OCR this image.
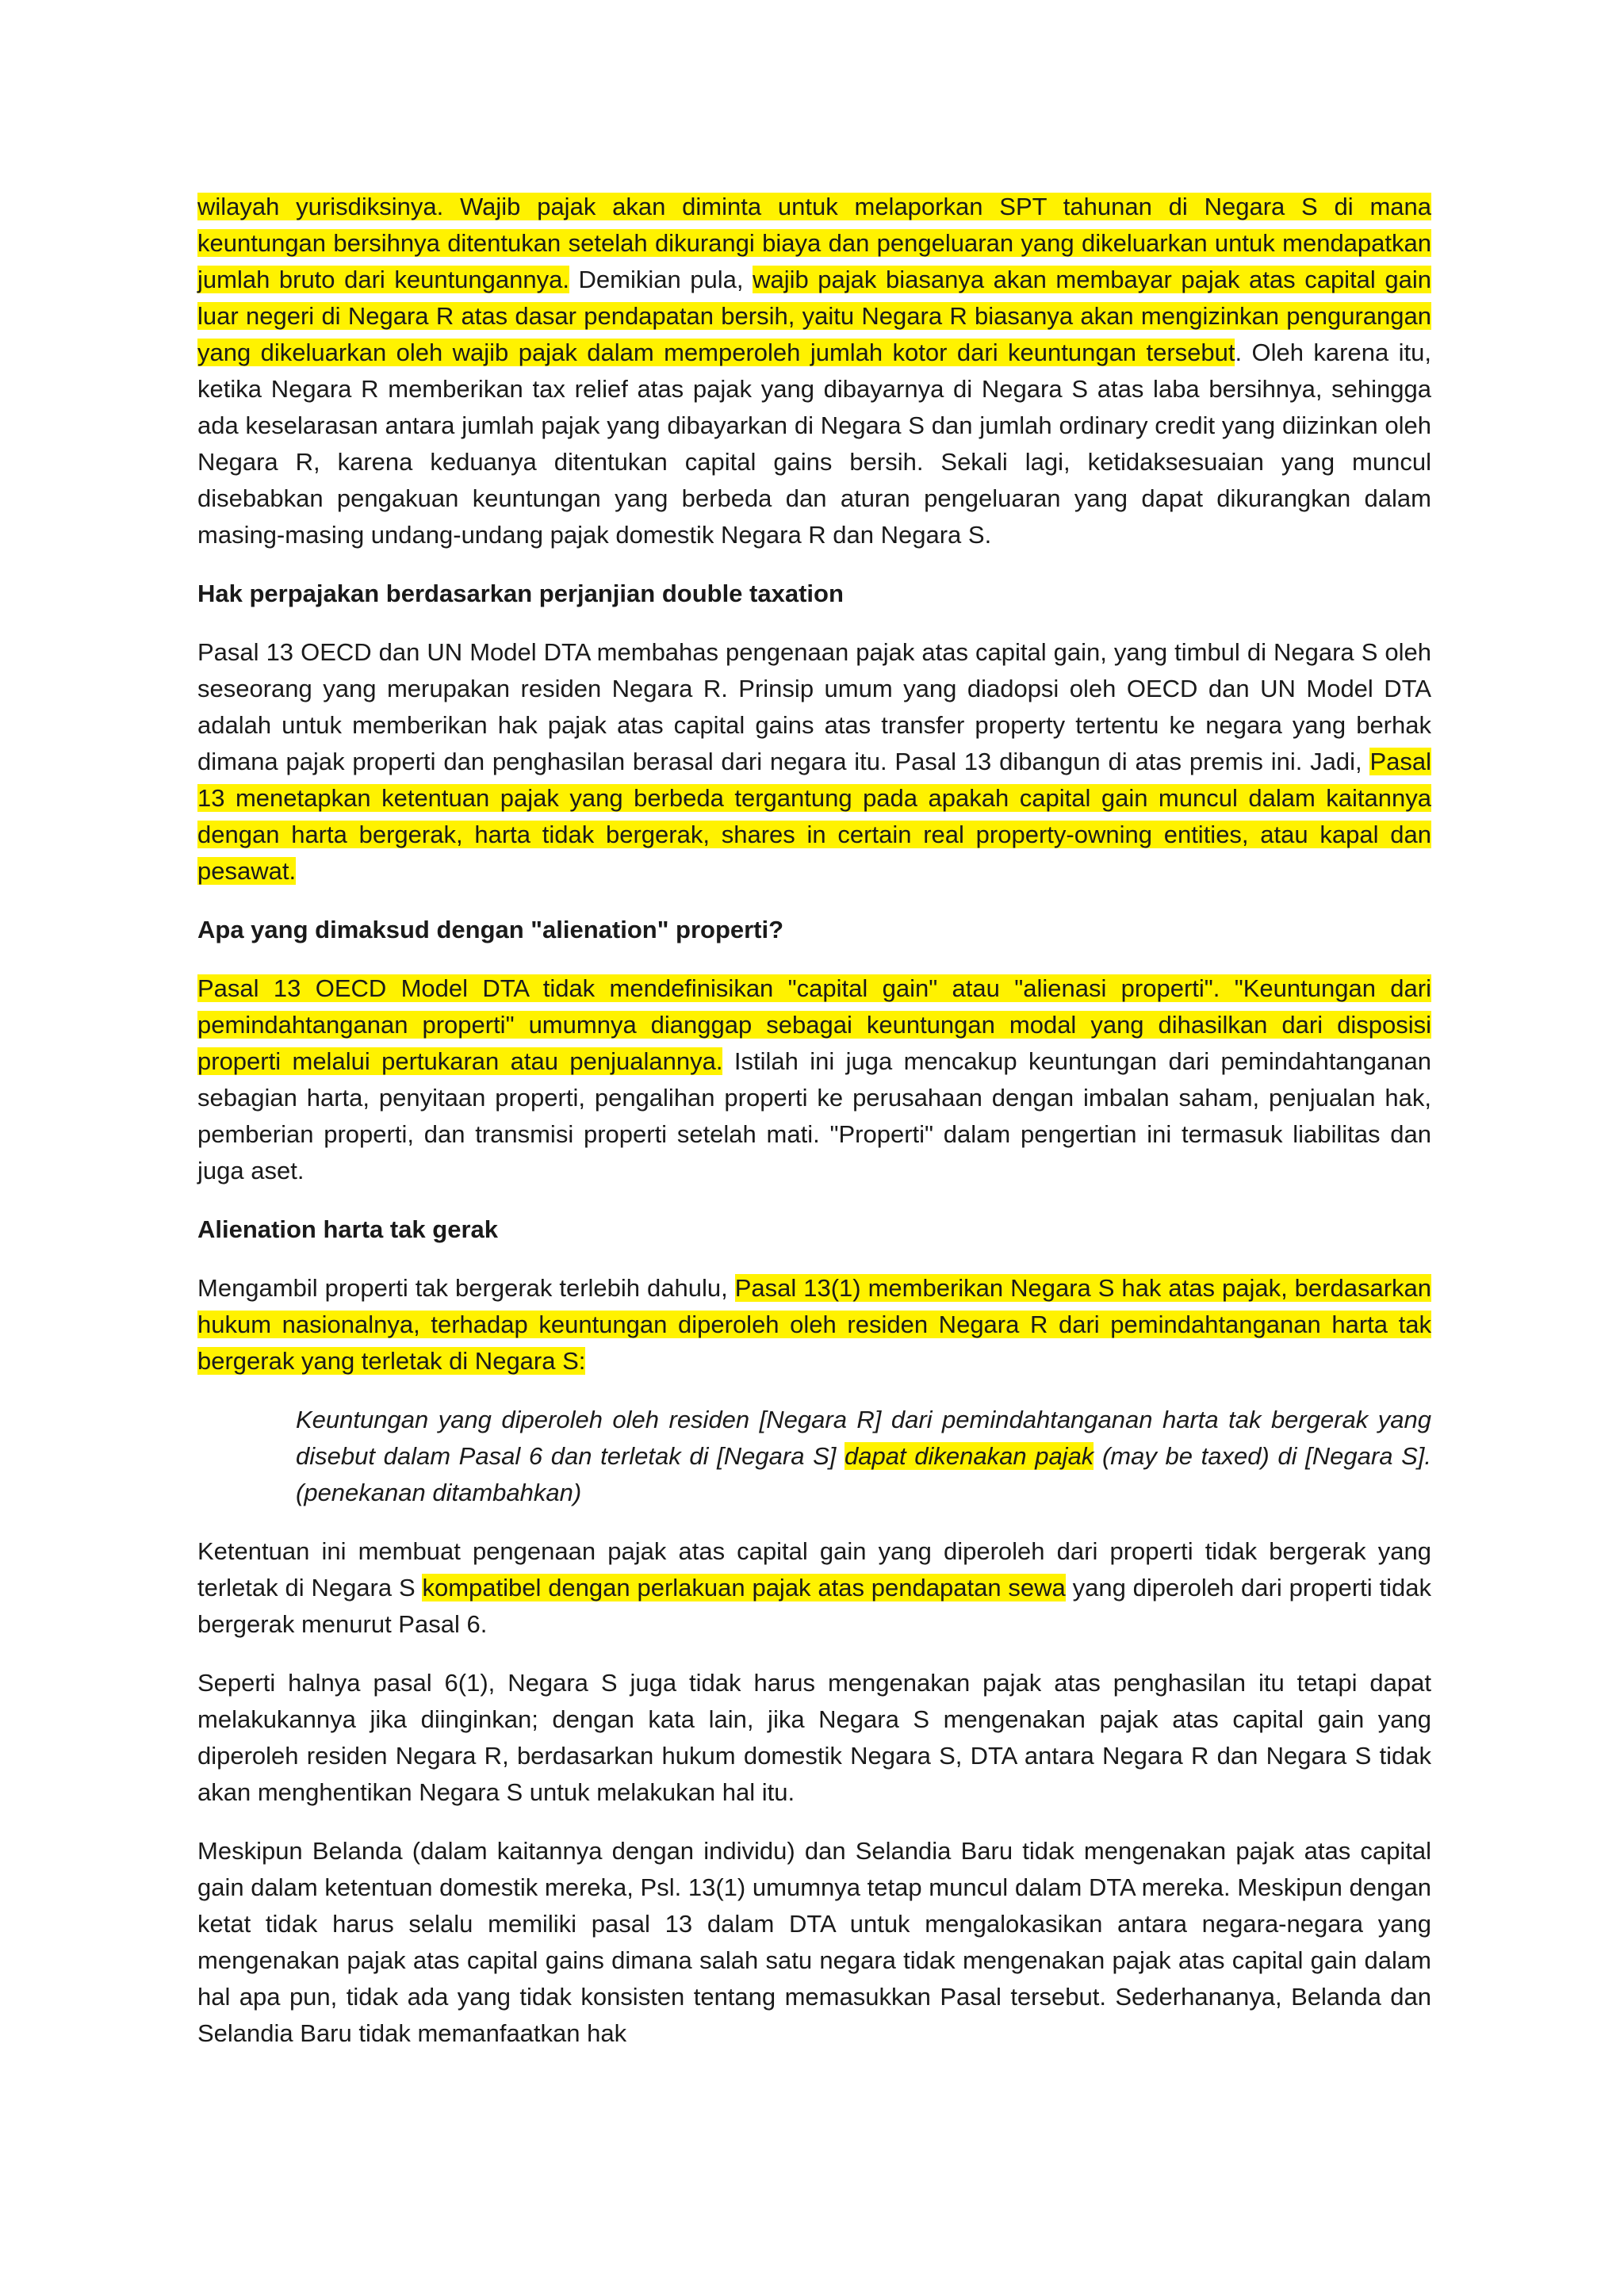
wilayah yurisdiksinya. Wajib pajak akan diminta untuk melaporkan SPT tahunan di Negara S di mana keuntungan bersihnya ditentukan setelah dikurangi biaya dan pengeluaran yang dikeluarkan untuk mendapatkan jumlah bruto dari keuntungannya. Demikian pula, wajib pajak biasanya akan membayar pajak atas capital gain luar negeri di Negara R atas dasar pendapatan bersih, yaitu Negara R biasanya akan mengizinkan pengurangan yang dikeluarkan oleh wajib pajak dalam memperoleh jumlah kotor dari keuntungan tersebut. Oleh karena itu, ketika Negara R memberikan tax relief atas pajak yang dibayarnya di Negara S atas laba bersihnya, sehingga ada keselarasan antara jumlah pajak yang dibayarkan di Negara S dan jumlah ordinary credit yang diizinkan oleh Negara R, karena keduanya ditentukan capital gains bersih. Sekali lagi, ketidaksesuaian yang muncul disebabkan pengakuan keuntungan yang berbeda dan aturan pengeluaran yang dapat dikurangkan dalam masing-masing undang-undang pajak domestik Negara R dan Negara S.

Hak perpajakan berdasarkan perjanjian double taxation

Pasal 13 OECD dan UN Model DTA membahas pengenaan pajak atas capital gain, yang timbul di Negara S oleh seseorang yang merupakan residen Negara R. Prinsip umum yang diadopsi oleh OECD dan UN Model DTA adalah untuk memberikan hak pajak atas capital gains atas transfer property tertentu ke negara yang berhak dimana pajak properti dan penghasilan berasal dari negara itu. Pasal 13 dibangun di atas premis ini. Jadi, Pasal 13 menetapkan ketentuan pajak yang berbeda tergantung pada apakah capital gain muncul dalam kaitannya dengan harta bergerak, harta tidak bergerak, shares in certain real property-owning entities, atau kapal dan pesawat.

Apa yang dimaksud dengan "alienation" properti?

Pasal 13 OECD Model DTA tidak mendefinisikan "capital gain" atau "alienasi properti". "Keuntungan dari pemindahtanganan properti" umumnya dianggap sebagai keuntungan modal yang dihasilkan dari disposisi properti melalui pertukaran atau penjualannya. Istilah ini juga mencakup keuntungan dari pemindahtanganan sebagian harta, penyitaan properti, pengalihan properti ke perusahaan dengan imbalan saham, penjualan hak, pemberian properti, dan transmisi properti setelah mati. "Properti" dalam pengertian ini termasuk liabilitas dan juga aset.

Alienation harta tak gerak

Mengambil properti tak bergerak terlebih dahulu, Pasal 13(1) memberikan Negara S hak atas pajak, berdasarkan hukum nasionalnya, terhadap keuntungan diperoleh oleh residen Negara R dari pemindahtanganan harta tak bergerak yang terletak di Negara S:

Keuntungan yang diperoleh oleh residen [Negara R] dari pemindahtanganan harta tak bergerak yang disebut dalam Pasal 6 dan terletak di [Negara S] dapat dikenakan pajak (may be taxed) di [Negara S]. (penekanan ditambahkan)

Ketentuan ini membuat pengenaan pajak atas capital gain yang diperoleh dari properti tidak bergerak yang terletak di Negara S kompatibel dengan perlakuan pajak atas pendapatan sewa yang diperoleh dari properti tidak bergerak menurut Pasal 6.

Seperti halnya pasal 6(1), Negara S juga tidak harus mengenakan pajak atas penghasilan itu tetapi dapat melakukannya jika diinginkan; dengan kata lain, jika Negara S mengenakan pajak atas capital gain yang diperoleh residen Negara R, berdasarkan hukum domestik Negara S, DTA antara Negara R dan Negara S tidak akan menghentikan Negara S untuk melakukan hal itu.

Meskipun Belanda (dalam kaitannya dengan individu) dan Selandia Baru tidak mengenakan pajak atas capital gain dalam ketentuan domestik mereka, Psl. 13(1) umumnya tetap muncul dalam DTA mereka. Meskipun dengan ketat tidak harus selalu memiliki pasal 13 dalam DTA untuk mengalokasikan antara negara-negara yang mengenakan pajak atas capital gains dimana salah satu negara tidak mengenakan pajak atas capital gain dalam hal apa pun, tidak ada yang tidak konsisten tentang memasukkan Pasal tersebut. Sederhananya, Belanda dan Selandia Baru tidak memanfaatkan hak
